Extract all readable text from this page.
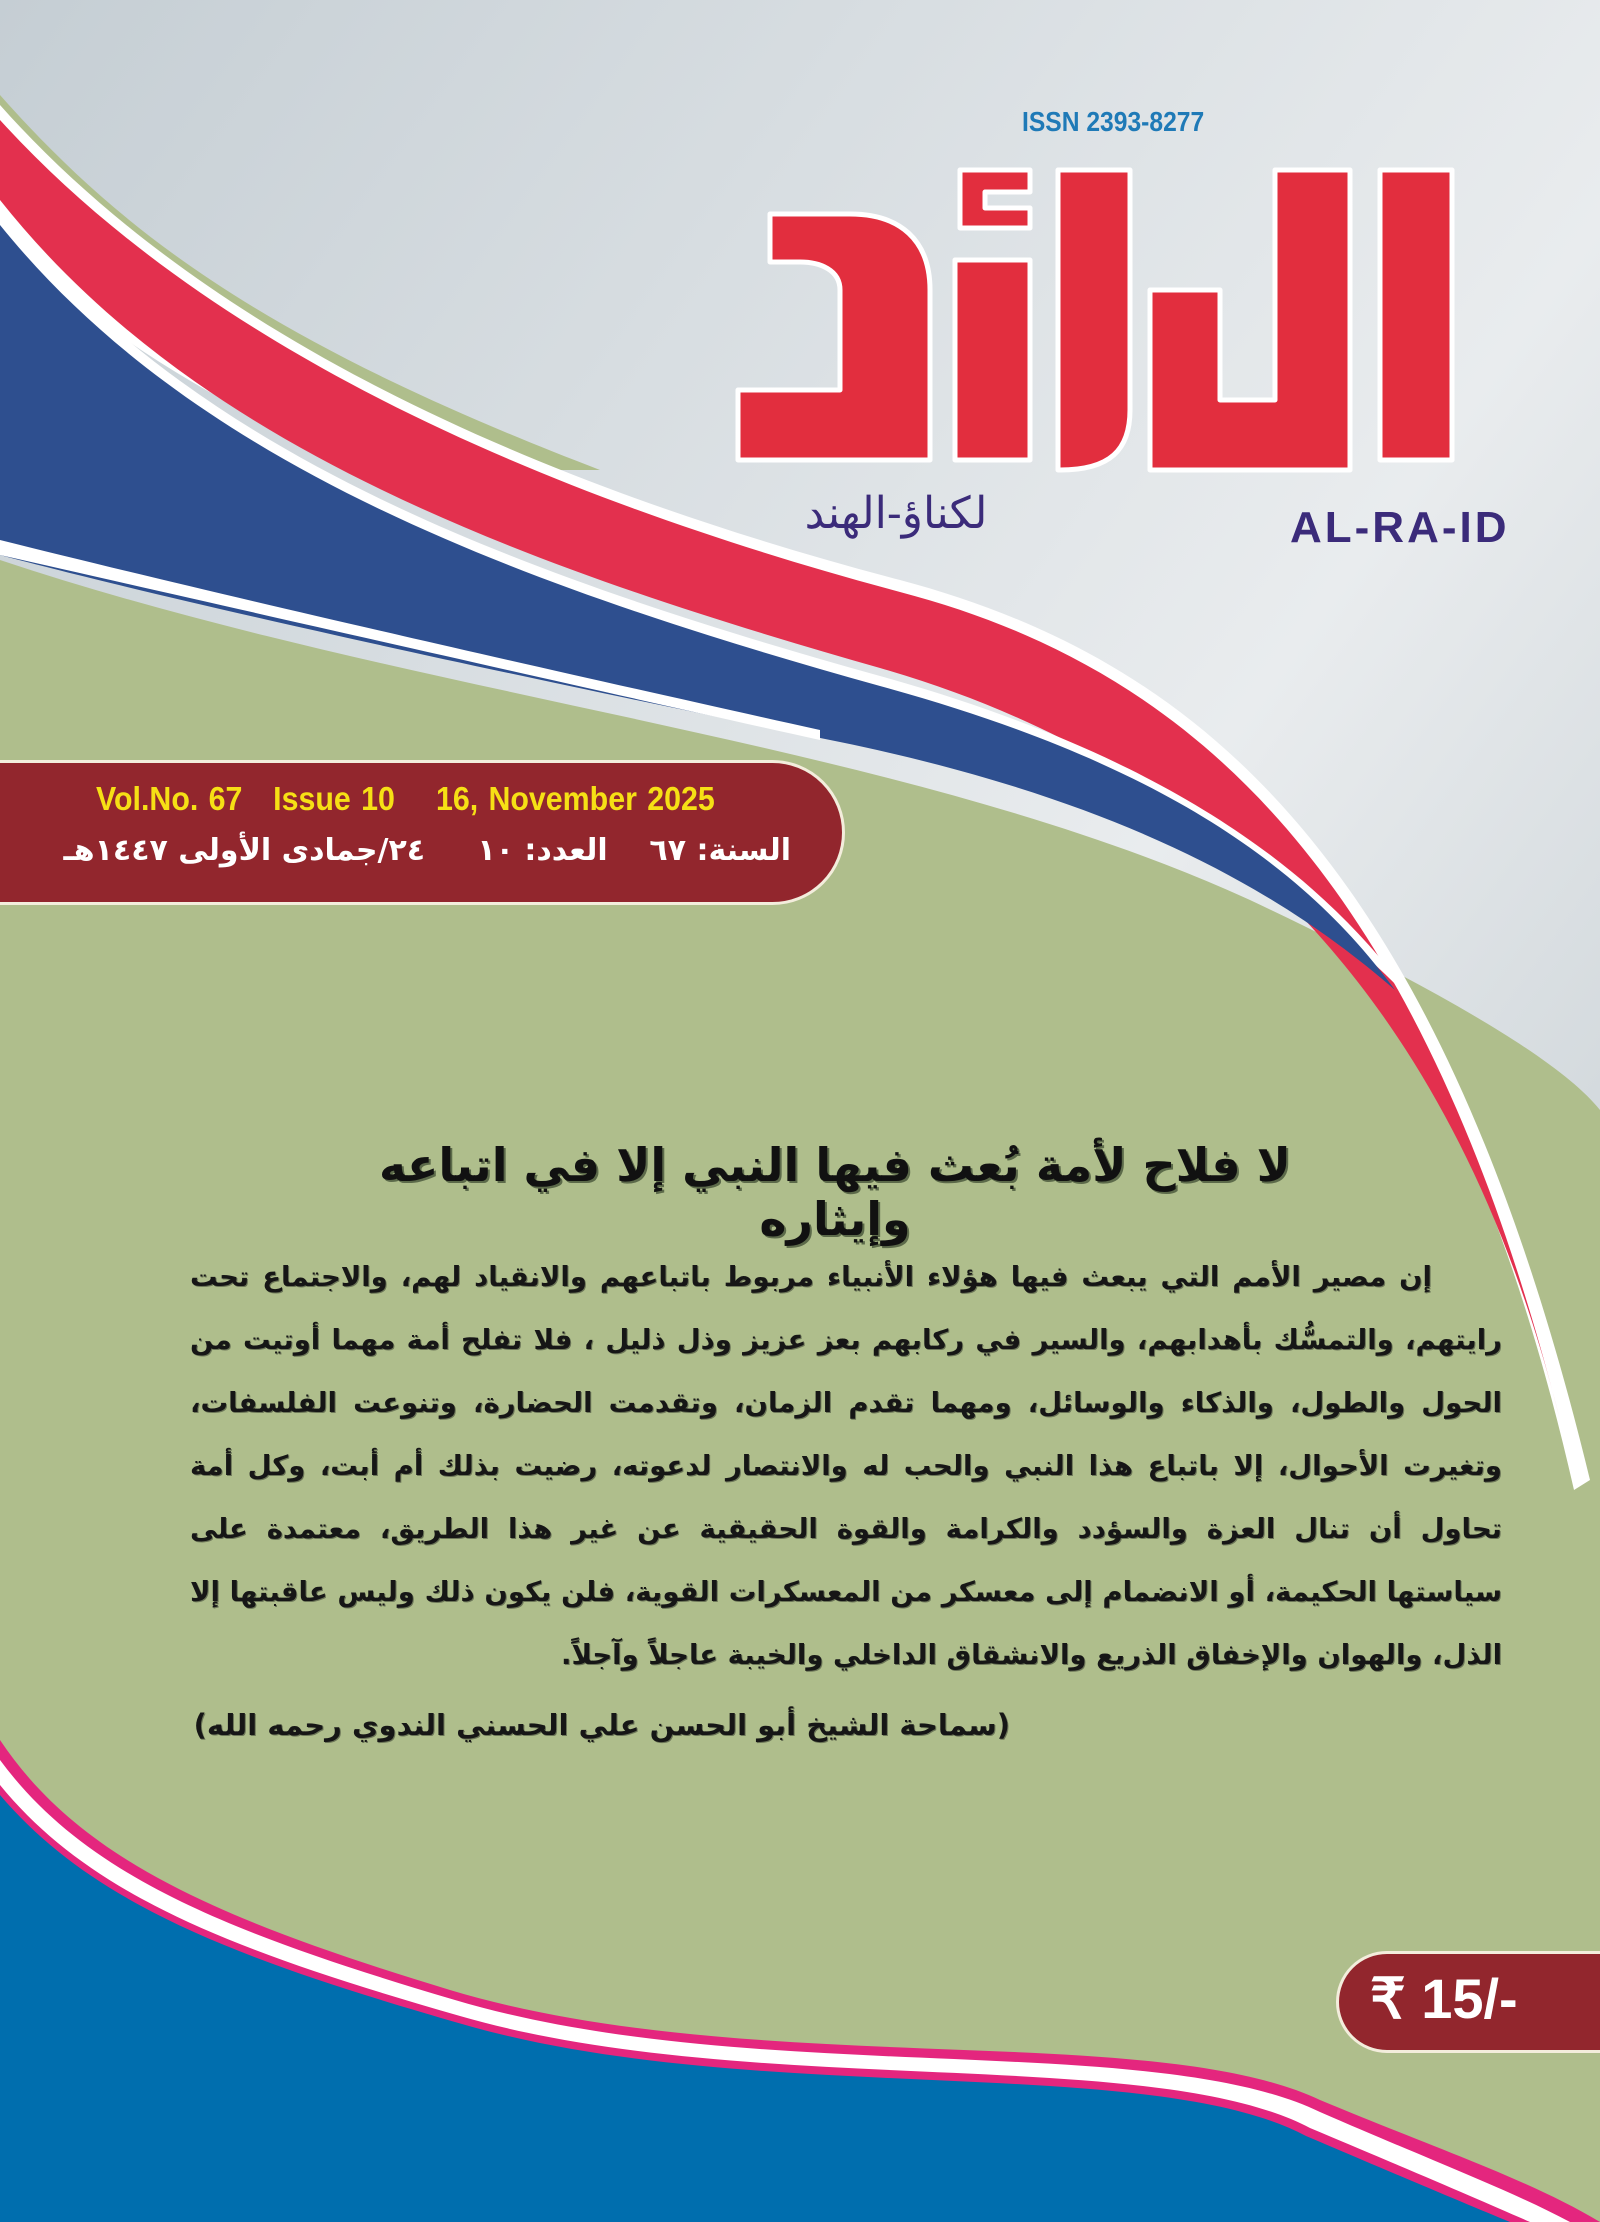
ISSN 2393-8277
لكناؤ-الهند	AL-RA-ID
Vol.No. 67   Issue 10    16, November 2025
السنة: ٦٧    العدد: ١٠     ٢٤/جمادى الأولى ١٤٤٧هـ
لا فلاح لأمة بُعث فيها النبي إلا في اتباعه وإيثاره

إن مصير الأمم التي يبعث فيها هؤلاء الأنبياء مربوط باتباعهم والانقياد لهم، والاجتماع تحت رايتهم، والتمسُّك بأهدابهم، والسير في ركابهم بعز عزيز وذل ذليل ، فلا تفلح أمة مهما أوتيت من الحول والطول، والذكاء والوسائل، ومهما تقدم الزمان، وتقدمت الحضارة، وتنوعت الفلسفات، وتغيرت الأحوال، إلا باتباع هذا النبي والحب له والانتصار لدعوته، رضيت بذلك أم أبت، وكل أمة تحاول أن تنال العزة والسؤدد والكرامة والقوة الحقيقية عن غير هذا الطريق، معتمدة على سياستها الحكيمة، أو الانضمام إلى معسكر من المعسكرات القوية، فلن يكون ذلك وليس عاقبتها إلا الذل، والهوان والإخفاق الذريع والانشقاق الداخلي والخيبة عاجلاً وآجلاً.

(سماحة الشيخ أبو الحسن علي الحسني الندوي رحمه الله)
₹ 15/-
